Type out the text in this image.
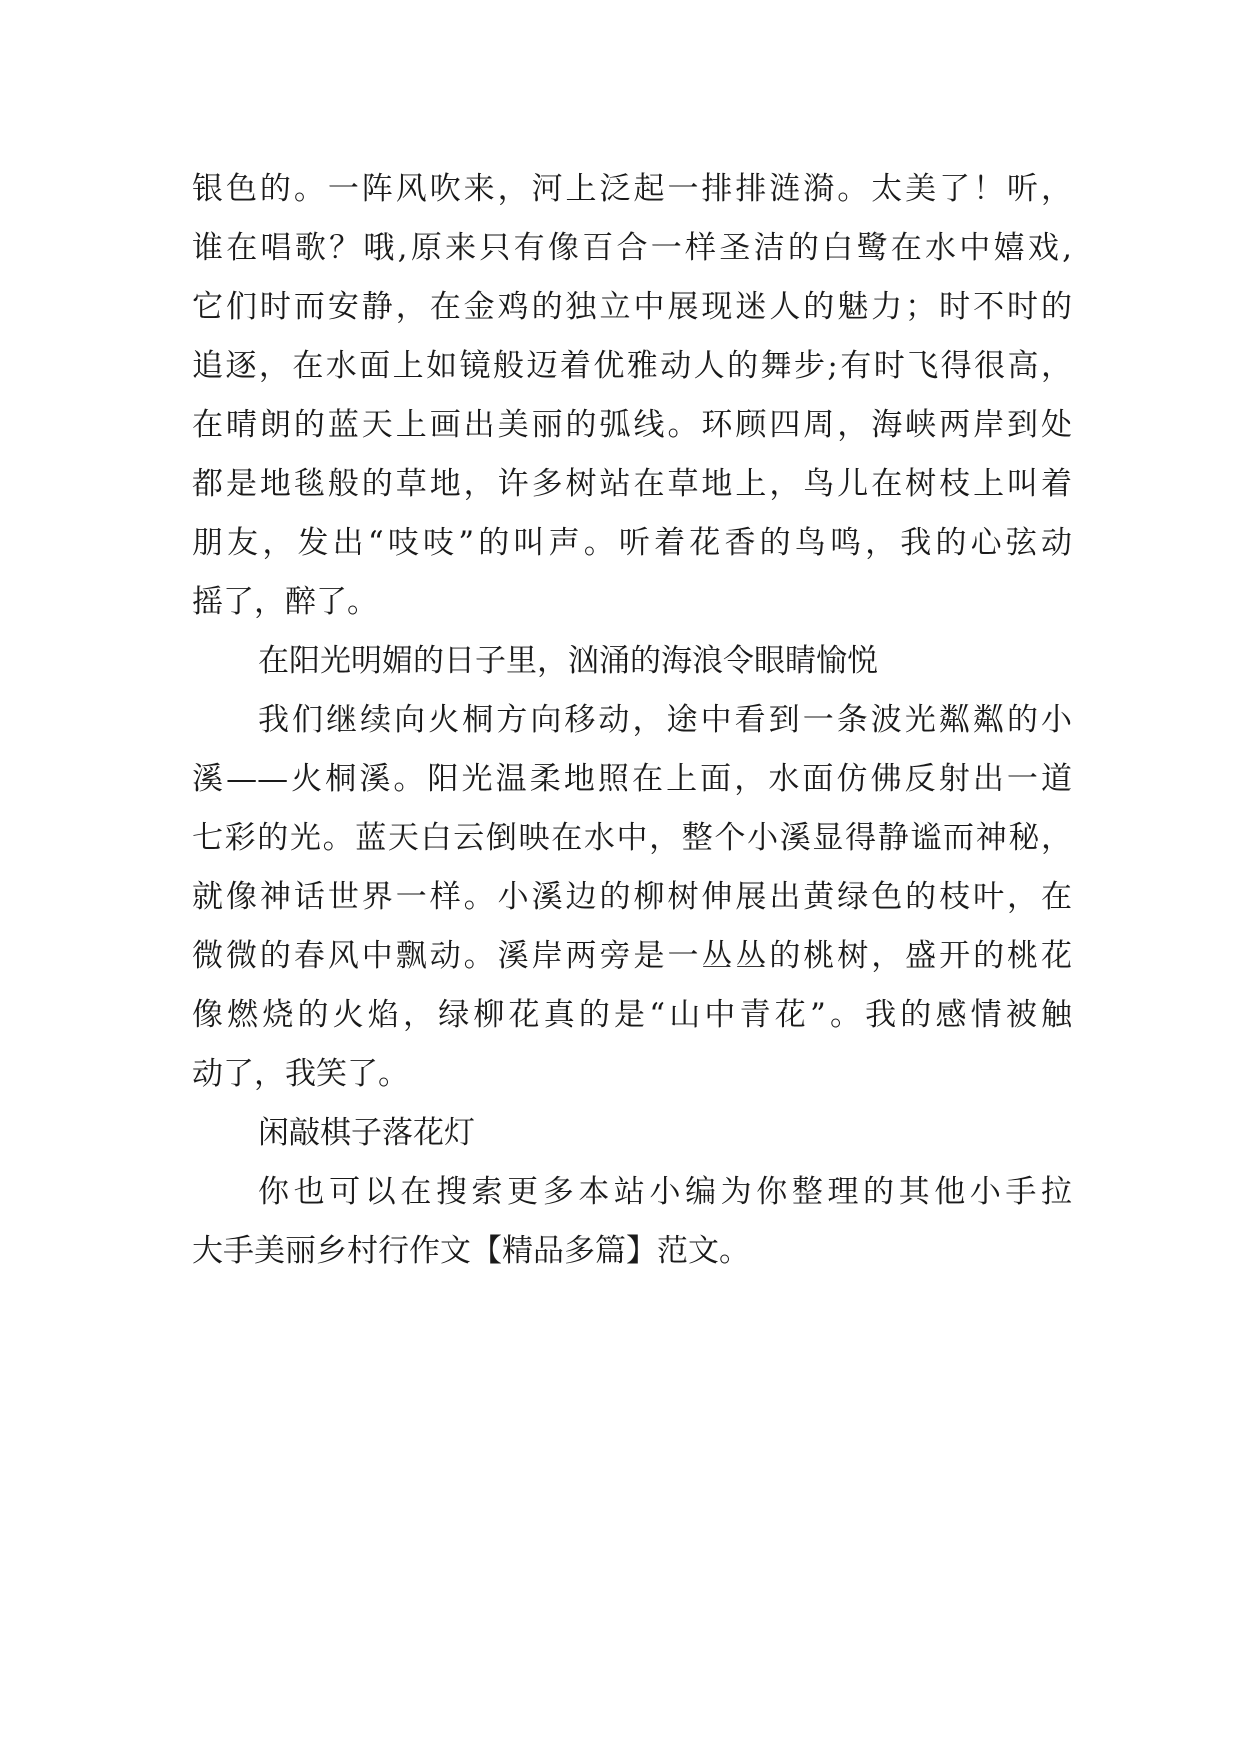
银色的。一阵风吹来，河上泛起一排排涟漪。太美了！听，
谁在唱歌？哦,原来只有像百合一样圣洁的白鹭在水中嬉戏,
它们时而安静，在金鸡的独立中展现迷人的魅力；时不时的
追逐，在水面上如镜般迈着优雅动人的舞步;有时飞得很高，
在晴朗的蓝天上画出美丽的弧线。环顾四周，海峡两岸到处
都是地毯般的草地，许多树站在草地上，鸟儿在树枝上叫着
朋友，发出“吱吱”的叫声。听着花香的鸟鸣，我的心弦动
摇了，醉了。
在阳光明媚的日子里，汹涌的海浪令眼睛愉悦
我们继续向火桐方向移动，途中看到一条波光粼粼的小
溪——火桐溪。阳光温柔地照在上面，水面仿佛反射出一道
七彩的光。蓝天白云倒映在水中，整个小溪显得静谧而神秘，
就像神话世界一样。小溪边的柳树伸展出黄绿色的枝叶，在
微微的春风中飘动。溪岸两旁是一丛丛的桃树，盛开的桃花
像燃烧的火焰，绿柳花真的是“山中青花”。我的感情被触
动了，我笑了。
闲敲棋子落花灯
你也可以在搜索更多本站小编为你整理的其他小手拉
大手美丽乡村行作文【精品多篇】范文。
